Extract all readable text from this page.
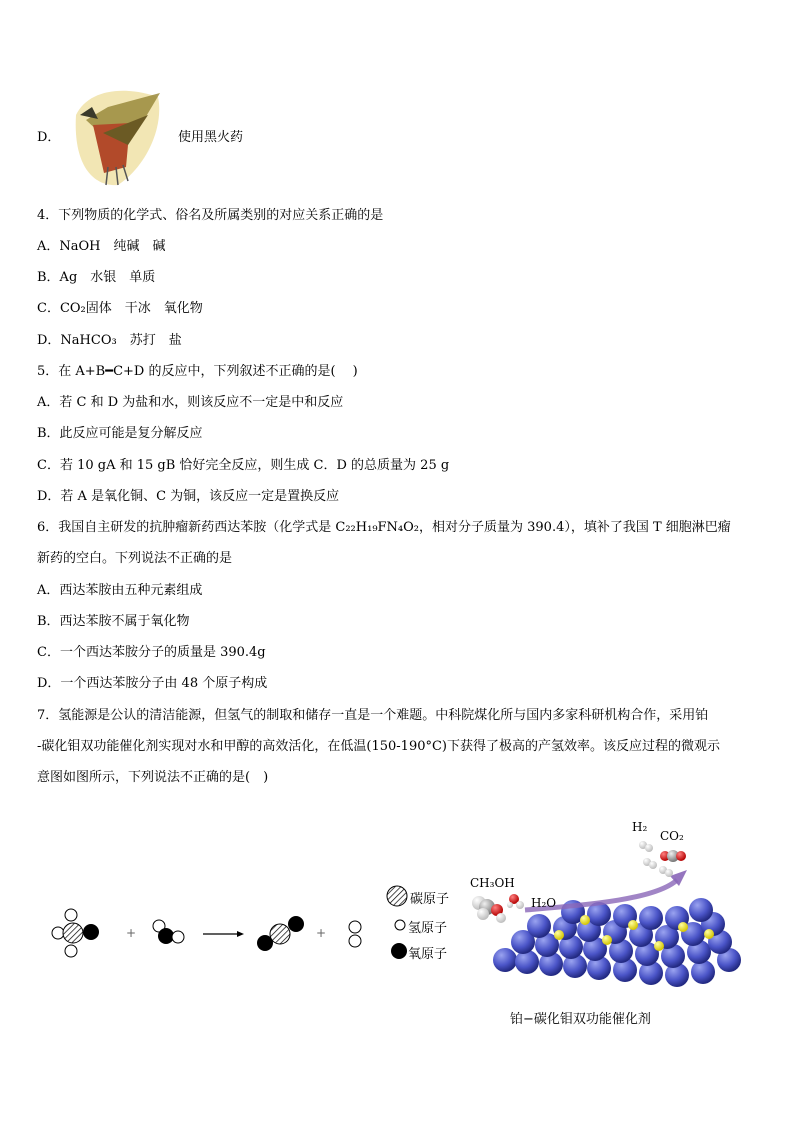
D．	使用黑火药
4．下列物质的化学式、俗名及所属类别的对应关系正确的是
A．NaOH　纯碱　碱
B．Ag　水银　单质
C．CO₂固体　干冰　氧化物
D．NaHCO₃　苏打　盐
5．在 A+B━C+D 的反应中，下列叙述不正确的是(　 )
A．若 C 和 D 为盐和水，则该反应不一定是中和反应
B．此反应可能是复分解反应
C．若 10 gA 和 15 gB 恰好完全反应，则生成 C．D 的总质量为 25 g
D．若 A 是氧化铜、C 为铜，该反应一定是置换反应
6．我国自主研发的抗肿瘤新药西达苯胺（化学式是 C₂₂H₁₉FN₄O₂，相对分子质量为 390.4），填补了我国 T 细胞淋巴瘤
新药的空白。下列说法不正确的是
A．西达苯胺由五种元素组成
B．西达苯胺不属于氧化物
C．一个西达苯胺分子的质量是 390.4g
D．一个西达苯胺分子由 48 个原子构成
7．氢能源是公认的清洁能源，但氢气的制取和储存一直是一个难题。中科院煤化所与国内多家科研机构合作，采用铂
-碳化钼双功能催化剂实现对水和甲醇的高效活化，在低温(150-190°C)下获得了极高的产氢效率。该反应过程的微观示
意图如图所示，下列说法不正确的是(　)
+	+
碳原子
氢原子
氧原子
H₂
CO₂
CH₃OH
H₂O
铂−碳化钼双功能催化剂
